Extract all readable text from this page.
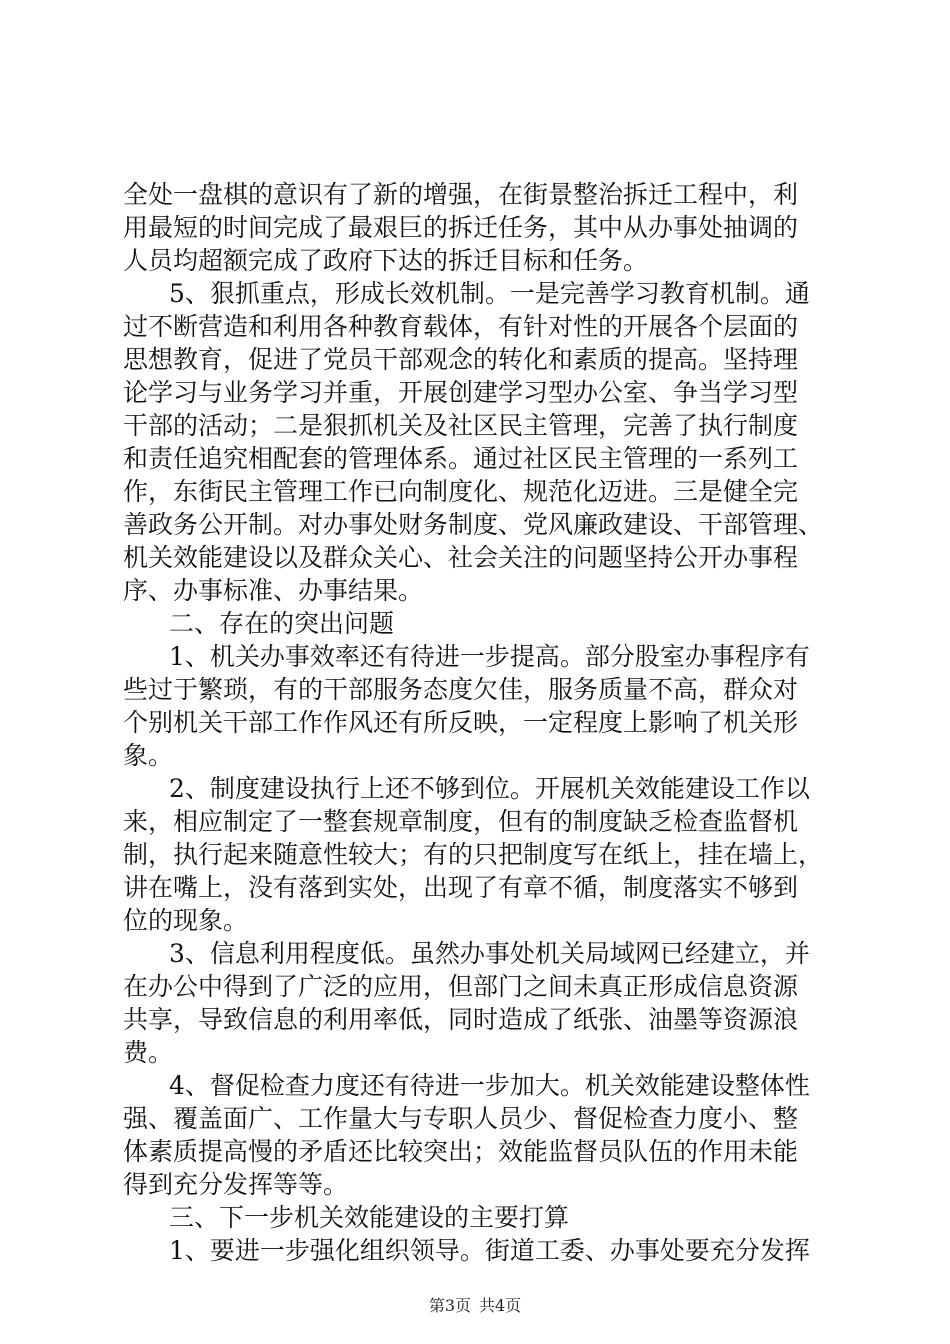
全处一盘棋的意识有了新的增强，在街景整治拆迁工程中，利
用最短的时间完成了最艰巨的拆迁任务，其中从办事处抽调的
人员均超额完成了政府下达的拆迁目标和任务。
5、狠抓重点，形成长效机制。一是完善学习教育机制。通
过不断营造和利用各种教育载体，有针对性的开展各个层面的
思想教育，促进了党员干部观念的转化和素质的提高。坚持理
论学习与业务学习并重，开展创建学习型办公室、争当学习型
干部的活动；二是狠抓机关及社区民主管理，完善了执行制度
和责任追究相配套的管理体系。通过社区民主管理的一系列工
作，东街民主管理工作已向制度化、规范化迈进。三是健全完
善政务公开制。对办事处财务制度、党风廉政建设、干部管理、
机关效能建设以及群众关心、社会关注的问题坚持公开办事程
序、办事标准、办事结果。
二、存在的突出问题
1、机关办事效率还有待进一步提高。部分股室办事程序有
些过于繁琐，有的干部服务态度欠佳，服务质量不高，群众对
个别机关干部工作作风还有所反映，一定程度上影响了机关形
象。
2、制度建设执行上还不够到位。开展机关效能建设工作以
来，相应制定了一整套规章制度，但有的制度缺乏检查监督机
制，执行起来随意性较大；有的只把制度写在纸上，挂在墙上，
讲在嘴上，没有落到实处，出现了有章不循，制度落实不够到
位的现象。
3、信息利用程度低。虽然办事处机关局域网已经建立，并
在办公中得到了广泛的应用，但部门之间未真正形成信息资源
共享，导致信息的利用率低，同时造成了纸张、油墨等资源浪
费。
4、督促检查力度还有待进一步加大。机关效能建设整体性
强、覆盖面广、工作量大与专职人员少、督促检查力度小、整
体素质提高慢的矛盾还比较突出；效能监督员队伍的作用未能
得到充分发挥等等。
三、下一步机关效能建设的主要打算
1、要进一步强化组织领导。街道工委、办事处要充分发挥
第3页 共4页
